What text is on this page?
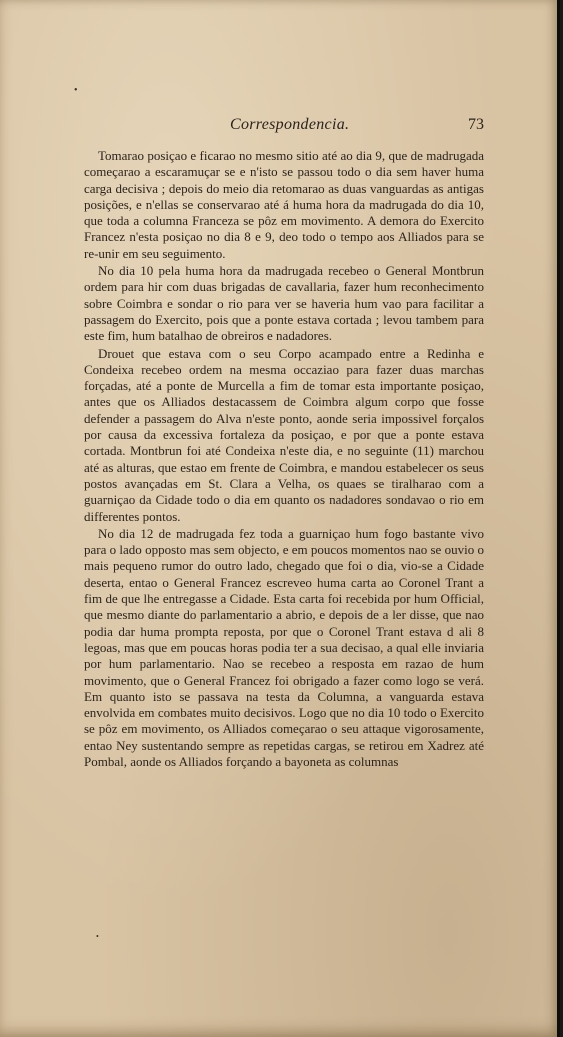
•
•
Correspondencia.	73

Tomarao posiçao e ficarao no mesmo sitio até ao dia 9, que de madrugada começarao a escaramuçar se e n'isto se passou todo o dia sem haver huma carga decisiva ; depois do meio dia retomarao as duas vanguardas as antigas posições, e n'ellas se conservarao até á huma hora da madrugada do dia 10, que toda a columna Franceza se pôz em movimento. A demora do Exercito Francez n'esta posiçao no dia 8 e 9, deo todo o tempo aos Alliados para se re-unir em seu seguimento.

No dia 10 pela huma hora da madrugada recebeo o General Montbrun ordem para hir com duas brigadas de cavallaria, fazer hum reconhecimento sobre Coimbra e sondar o rio para ver se haveria hum vao para facilitar a passagem do Exercito, pois que a ponte estava cortada ; levou tambem para este fim, hum batalhao de obreiros e nadadores.

Drouet que estava com o seu Corpo acampado entre a Redinha e Condeixa recebeo ordem na mesma occaziao para fazer duas marchas forçadas, até a ponte de Murcella a fim de tomar esta importante posiçao, antes que os Alliados destacassem de Coimbra algum corpo que fosse defender a passagem do Alva n'este ponto, aonde seria impossivel forçalos por causa da excessiva fortaleza da posiçao, e por que a ponte estava cortada. Montbrun foi até Condeixa n'este dia, e no seguinte (11) marchou até as alturas, que estao em frente de Coimbra, e mandou estabelecer os seus postos avançadas em St. Clara a Velha, os quaes se tiralharao com a guarniçao da Cidade todo o dia em quanto os nadadores sondavao o rio em differentes pontos.

No dia 12 de madrugada fez toda a guarniçao hum fogo bastante vivo para o lado opposto mas sem objecto, e em poucos momentos nao se ouvio o mais pequeno rumor do outro lado, chegado que foi o dia, vio-se a Cidade deserta, entao o General Francez escreveo huma carta ao Coronel Trant a fim de que lhe entregasse a Cidade. Esta carta foi recebida por hum Official, que mesmo diante do parlamentario a abrio, e depois de a ler disse, que nao podia dar huma prompta reposta, por que o Coronel Trant estava d ali 8 legoas, mas que em poucas horas podia ter a sua decisao, a qual elle inviaria por hum parlamentario. Nao se recebeo a resposta em razao de hum movimento, que o General Francez foi obrigado a fazer como logo se verá. Em quanto isto se passava na testa da Columna, a vanguarda estava envolvida em combates muito decisivos. Logo que no dia 10 todo o Exercito se pôz em movimento, os Alliados começarao o seu attaque vigorosamente, entao Ney sustentando sempre as repetidas cargas, se retirou em Xadrez até Pombal, aonde os Alliados forçando a bayoneta as columnas
